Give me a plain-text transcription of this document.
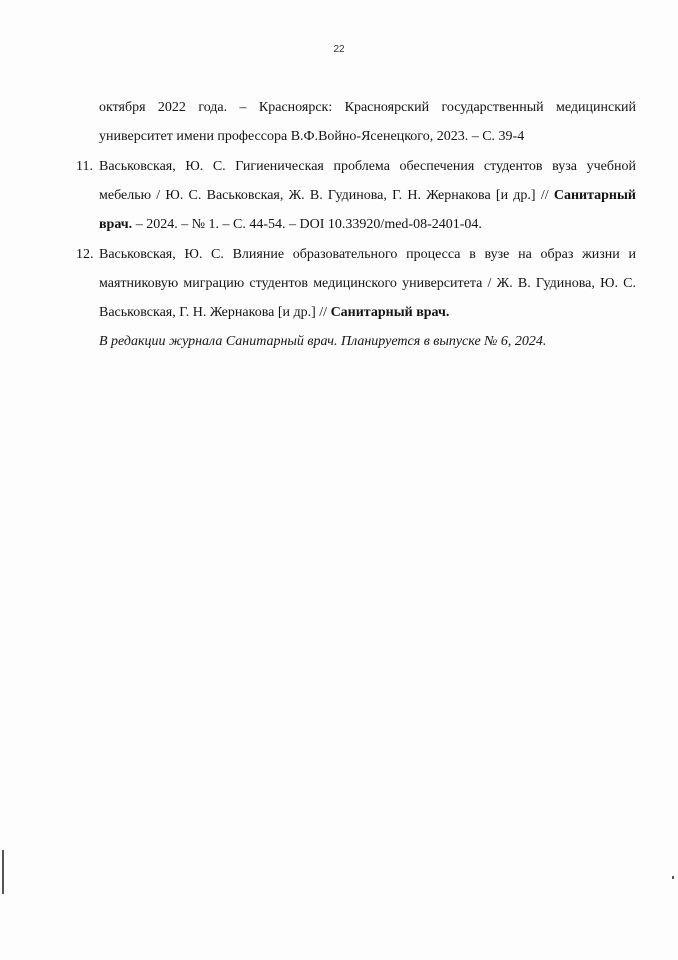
22
октября 2022 года. – Красноярск: Красноярский государственный медицинский университет имени профессора В.Ф.Войно-Ясенецкого, 2023. – С. 39-4
11. Васьковская, Ю. С. Гигиеническая проблема обеспечения студентов вуза учебной мебелью / Ю. С. Васьковская, Ж. В. Гудинова, Г. Н. Жернакова [и др.] // Санитарный врач. – 2024. – № 1. – С. 44-54. – DOI 10.33920/med-08-2401-04.
12. Васьковская, Ю. С. Влияние образовательного процесса в вузе на образ жизни и маятниковую миграцию студентов медицинского университета / Ж. В. Гудинова, Ю. С. Васьковская, Г. Н. Жернакова [и др.] // Санитарный врач.
В редакции журнала Санитарный врач. Планируется в выпуске № 6, 2024.
